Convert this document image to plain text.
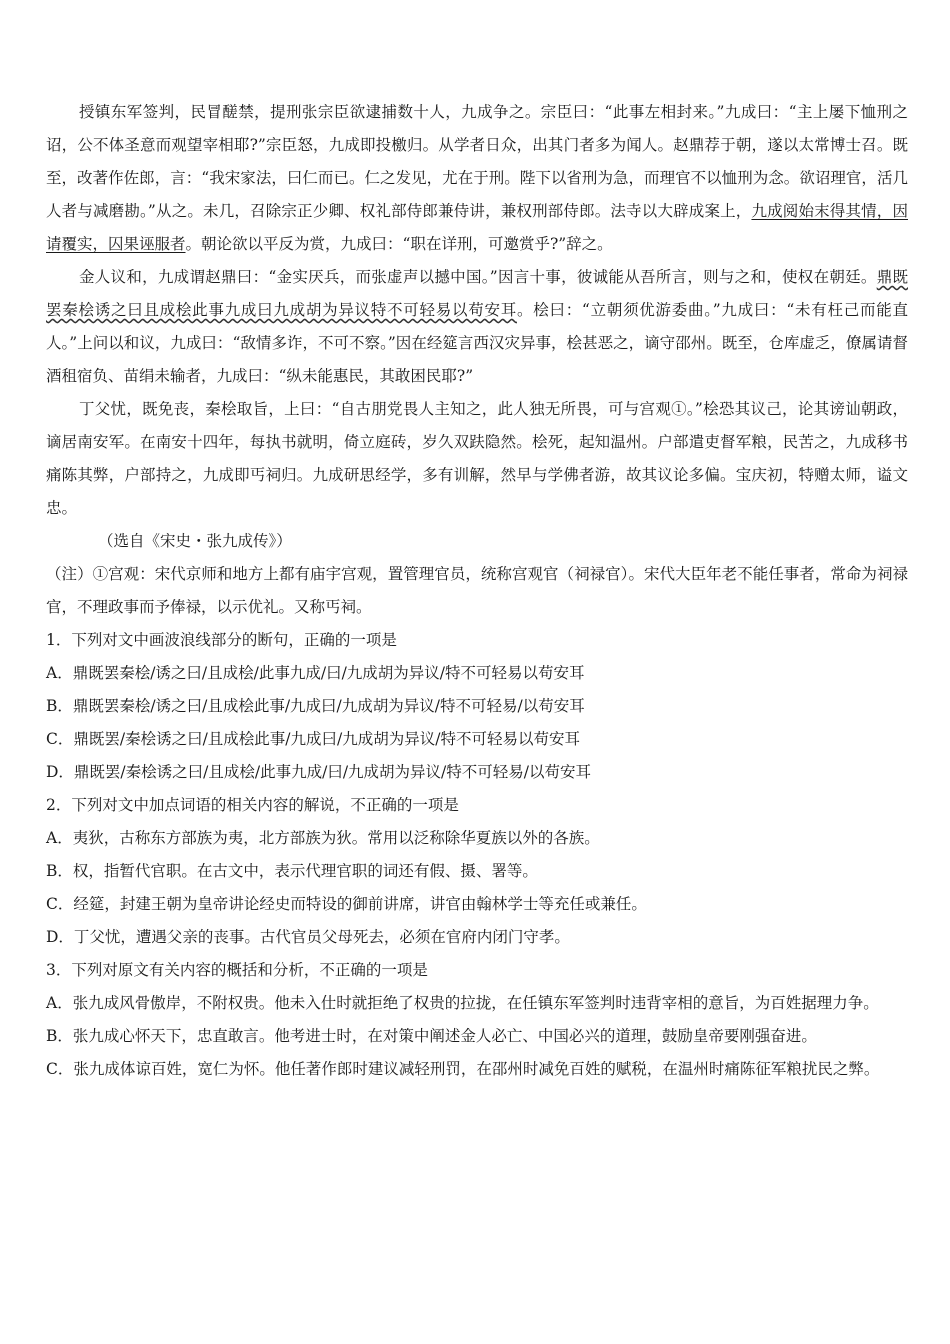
授镇东军签判，民冒醝禁，提刑张宗臣欲逮捕数十人，九成争之。宗臣曰：“此事左相封来。”九成曰：“主上屡下恤刑之诏，公不体圣意而观望宰相耶?”宗臣怒，九成即投檄归。从学者日众，出其门者多为闻人。赵鼎荐于朝，遂以太常博士召。既至，改著作佐郎，言：“我宋家法，曰仁而已。仁之发见，尤在于刑。陛下以省刑为急，而理官不以恤刑为念。欲诏理官，活几人者与减磨勘。”从之。未几，召除宗正少卿、权礼部侍郎兼侍讲，兼权刑部侍郎。法寺以大辟成案上，九成阅始末得其情，因请覆实，囚果诬服者。朝论欲以平反为赏，九成曰：“职在详刑，可邀赏乎?”辞之。

金人议和，九成谓赵鼎曰：“金实厌兵，而张虚声以撼中国。”因言十事，彼诚能从吾所言，则与之和，使权在朝廷。鼎既罢秦桧诱之曰且成桧此事九成曰九成胡为异议特不可轻易以苟安耳。桧曰：“立朝须优游委曲。”九成曰：“未有枉己而能直人。”上问以和议，九成曰：“敌情多诈，不可不察。”因在经筵言西汉灾异事，桧甚恶之，谪守邵州。既至，仓库虚乏，僚属请督酒租宿负、苗绢未输者，九成曰：“纵未能惠民，其敢困民耶?”

丁父忧，既免丧，秦桧取旨，上曰：“自古朋党畏人主知之，此人独无所畏，可与宫观①。”桧恐其议己，论其谤讪朝政，谪居南安军。在南安十四年，每执书就明，倚立庭砖，岁久双趺隐然。桧死，起知温州。户部遣吏督军粮，民苦之，九成移书痛陈其弊，户部持之，九成即丐祠归。九成研思经学，多有训解，然早与学佛者游，故其议论多偏。宝庆初，特赠太师，谥文忠。

（选自《宋史・张九成传》）

（注）①宫观：宋代京师和地方上都有庙宇宫观，置管理官员，统称宫观官（祠禄官）。宋代大臣年老不能任事者，常命为祠禄官，不理政事而予俸禄，以示优礼。又称丐祠。

1．下列对文中画波浪线部分的断句，正确的一项是

A．鼎既罢秦桧/诱之曰/且成桧/此事九成/曰/九成胡为异议/特不可轻易以苟安耳

B．鼎既罢秦桧/诱之曰/且成桧此事/九成曰/九成胡为异议/特不可轻易/以苟安耳

C．鼎既罢/秦桧诱之曰/且成桧此事/九成曰/九成胡为异议/特不可轻易以苟安耳

D．鼎既罢/秦桧诱之曰/且成桧/此事九成/曰/九成胡为异议/特不可轻易/以苟安耳

2．下列对文中加点词语的相关内容的解说，不正确的一项是

A．夷狄，古称东方部族为夷，北方部族为狄。常用以泛称除华夏族以外的各族。

B．权，指暂代官职。在古文中，表示代理官职的词还有假、摄、署等。

C．经筵，封建王朝为皇帝讲论经史而特设的御前讲席，讲官由翰林学士等充任或兼任。

D．丁父忧，遭遇父亲的丧事。古代官员父母死去，必须在官府内闭门守孝。

3．下列对原文有关内容的概括和分析，不正确的一项是

A．张九成风骨傲岸，不附权贵。他未入仕时就拒绝了权贵的拉拢，在任镇东军签判时违背宰相的意旨，为百姓据理力争。

B．张九成心怀天下，忠直敢言。他考进士时，在对策中阐述金人必亡、中国必兴的道理，鼓励皇帝要刚强奋进。

C．张九成体谅百姓，宽仁为怀。他任著作郎时建议减轻刑罚，在邵州时减免百姓的赋税，在温州时痛陈征军粮扰民之弊。
